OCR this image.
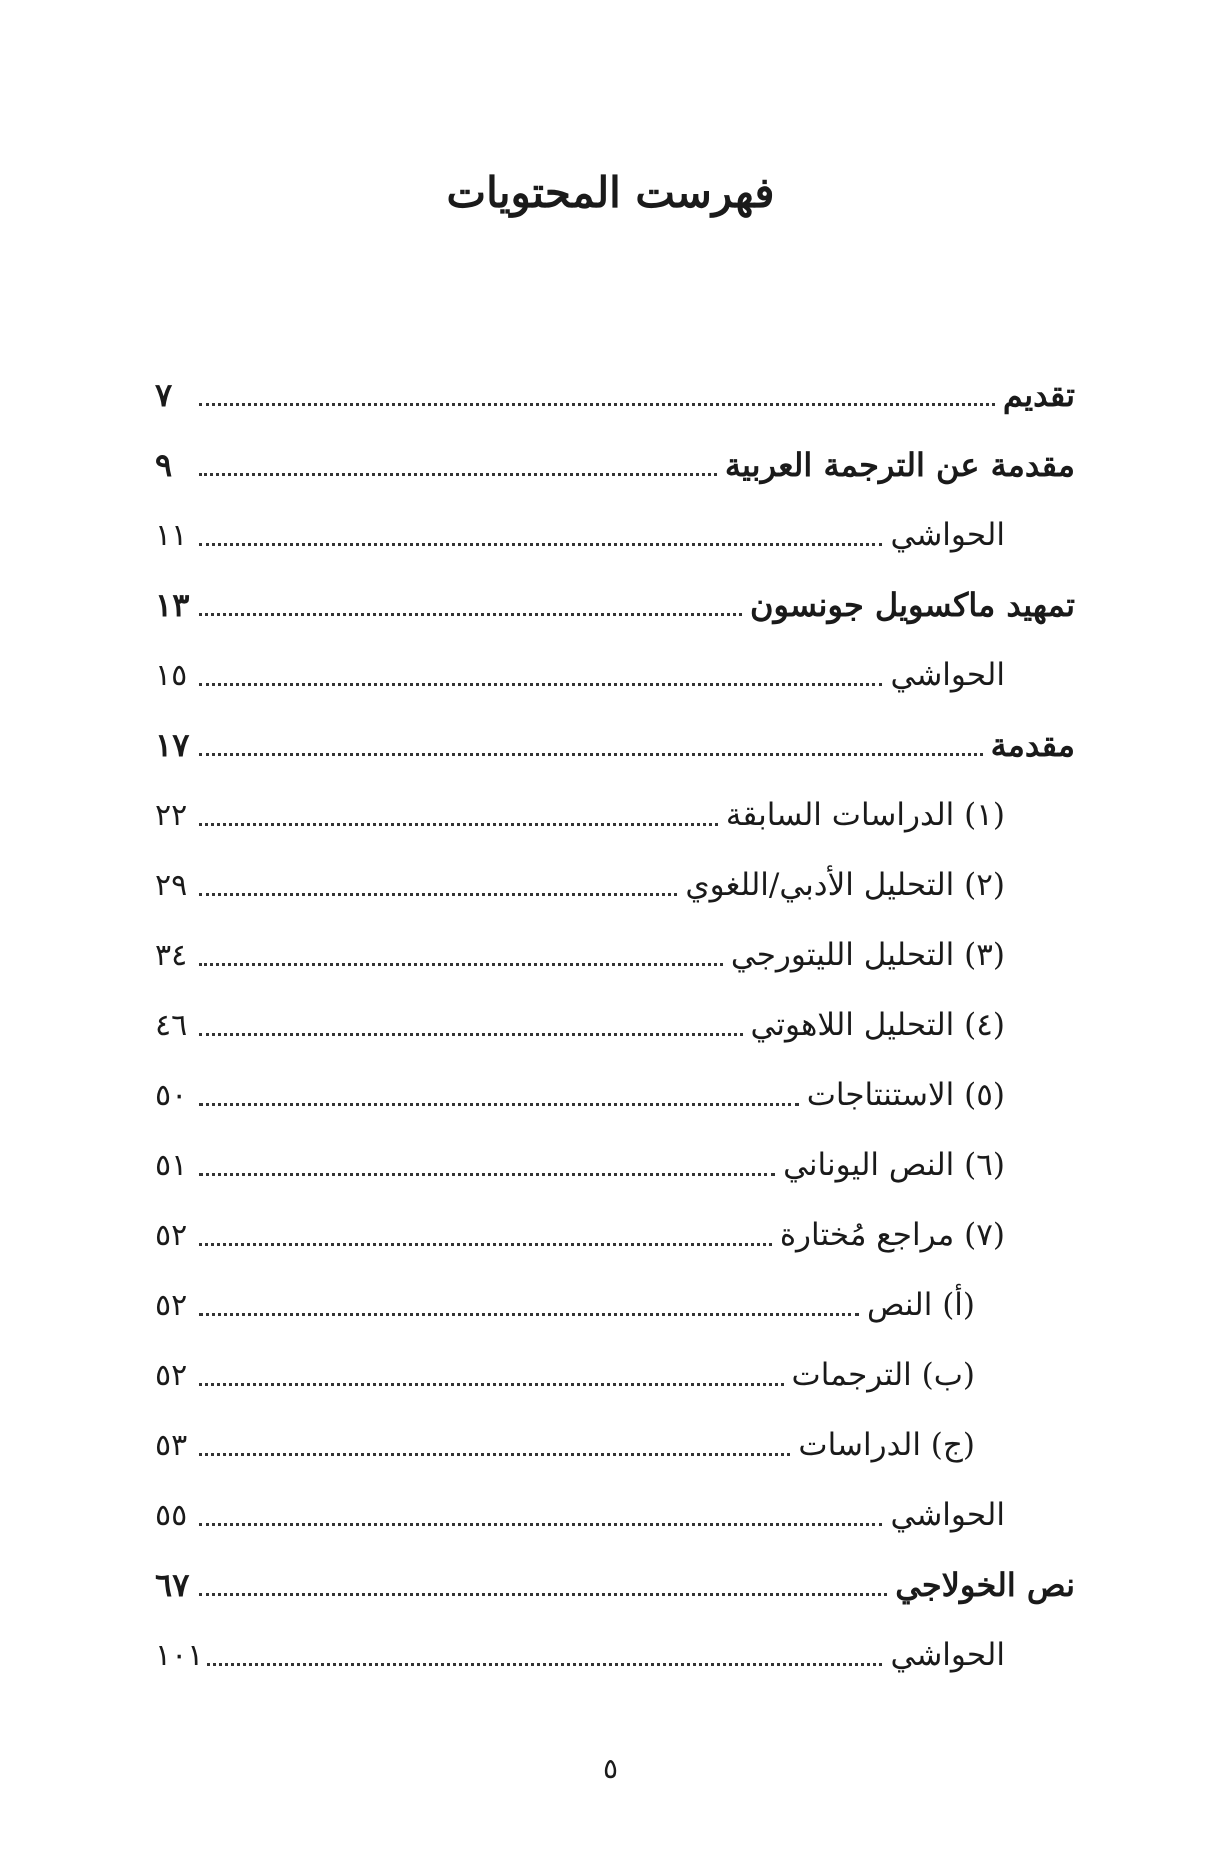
فهرست المحتويات
تقديم
٧
مقدمة عن الترجمة العربية
٩
الحواشي
١١
تمهيد ماكسويل جونسون
١٣
الحواشي
١٥
مقدمة
١٧
(١) الدراسات السابقة
٢٢
(٢) التحليل الأدبي/اللغوي
٢٩
(٣) التحليل الليتورجي
٣٤
(٤) التحليل اللاهوتي
٤٦
(٥) الاستنتاجات
٥٠
(٦) النص اليوناني
٥١
(٧) مراجع مُختارة
٥٢
(أ) النص
٥٢
(ب) الترجمات
٥٢
(ج) الدراسات
٥٣
الحواشي
٥٥
نص الخولاجي
٦٧
الحواشي
١٠١
٥
